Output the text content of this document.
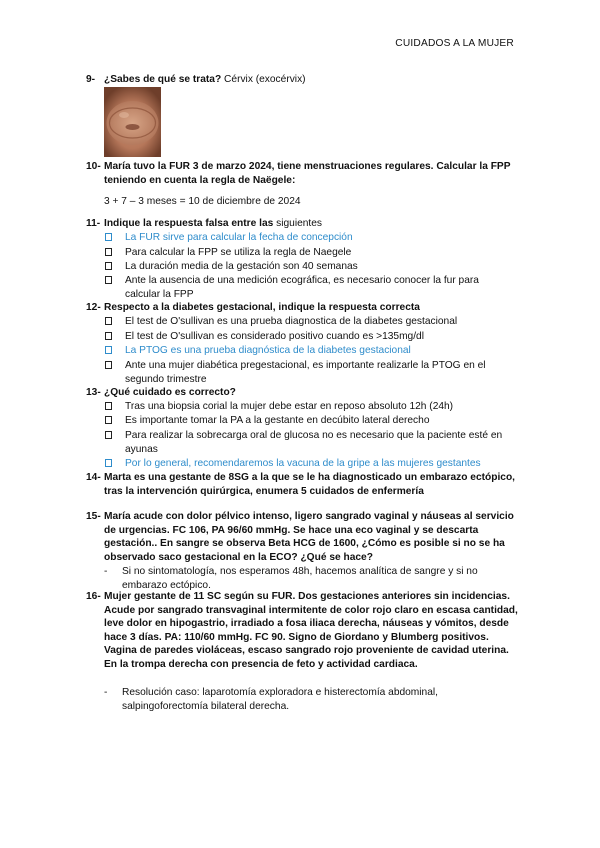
CUIDADOS A LA MUJER
9- ¿Sabes de qué se trata? Cérvix (exocérvix)
10- María tuvo la FUR 3 de marzo 2024, tiene menstruaciones regulares. Calcular la FPP teniendo en cuenta la regla de Naëgele:
3 + 7 – 3 meses = 10 de diciembre de 2024
11- Indique la respuesta falsa entre las siguientes
La FUR sirve para calcular la fecha de concepción
Para calcular la FPP se utiliza la regla de Naegele
La duración media de la gestación son 40 semanas
Ante la ausencia de una medición ecográfica, es necesario conocer la fur para calcular la FPP
12- Respecto a la diabetes gestacional, indique la respuesta correcta
El test de O'sullivan es una prueba diagnostica de la diabetes gestacional
El test de O'sullivan es considerado positivo cuando es >135mg/dl
La PTOG es una prueba diagnóstica de la diabetes gestacional
Ante una mujer diabética pregestacional, es importante realizarle la PTOG en el segundo trimestre
13- ¿Qué cuidado es correcto?
Tras una biopsia corial la mujer debe estar en reposo absoluto 12h (24h)
Es importante tomar la PA a la gestante en decúbito lateral derecho
Para realizar la sobrecarga oral de glucosa no es necesario que la paciente esté en ayunas
Por lo general, recomendaremos la vacuna de la gripe a las mujeres gestantes
14- Marta es una gestante de 8SG a la que se le ha diagnosticado un embarazo ectópico, tras la intervención quirúrgica, enumera 5 cuidados de enfermería
15- María acude con dolor pélvico intenso, ligero sangrado vaginal y náuseas al servicio de urgencias. FC 106, PA 96/60 mmHg. Se hace una eco vaginal y se descarta gestación.. En sangre se observa Beta HCG de 1600, ¿Cómo es posible si no se ha observado saco gestacional en la ECO? ¿Qué se hace?
- Si no sintomatología, nos esperamos 48h, hacemos analítica de sangre y si no embarazo ectópico.
16- Mujer gestante de 11 SC según su FUR. Dos gestaciones anteriores sin incidencias. Acude por sangrado transvaginal intermitente de color rojo claro en escasa cantidad, leve dolor en hipogastrio, irradiado a fosa iliaca derecha, náuseas y vómitos, desde hace 3 días. PA: 110/60 mmHg. FC 90. Signo de Giordano y Blumberg positivos. Vagina de paredes violáceas, escaso sangrado rojo proveniente de cavidad uterina. En la trompa derecha con presencia de feto y actividad cardiaca.
- Resolución caso: laparotomía exploradora e histerectomía abdominal, salpingoforectomía bilateral derecha.
